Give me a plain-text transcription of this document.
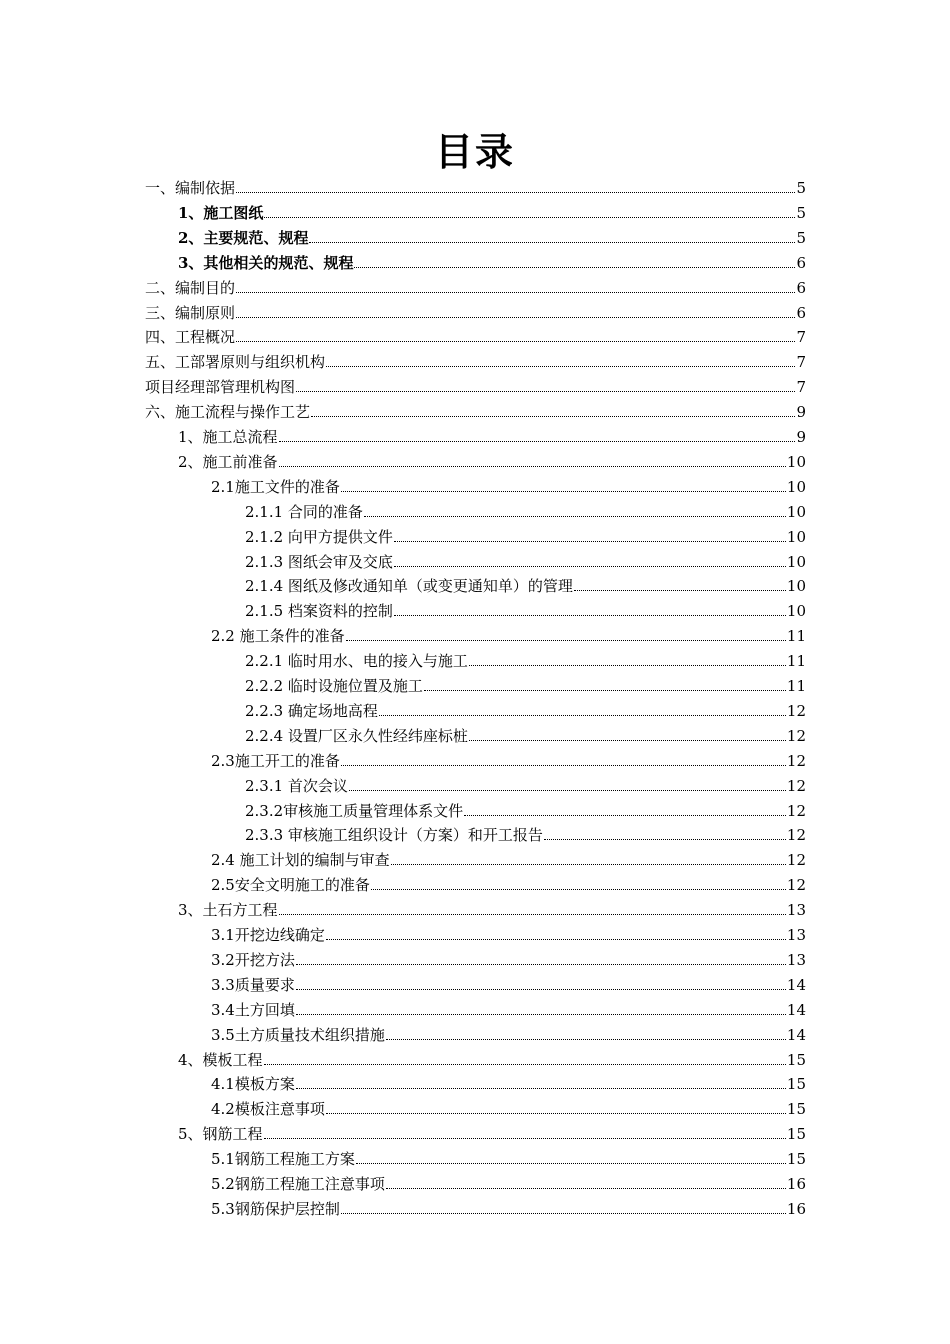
目录
一、编制依据	5
1、施工图纸	5
2、主要规范、规程	5
3、其他相关的规范、规程	6
二、编制目的	6
三、编制原则	6
四、工程概况	7
五、工部署原则与组织机构	7
项目经理部管理机构图	7
六、施工流程与操作工艺	9
1、施工总流程	9
2、施工前准备	10
2.1施工文件的准备	10
2.1.1 合同的准备	10
2.1.2 向甲方提供文件	10
2.1.3 图纸会审及交底	10
2.1.4 图纸及修改通知单（或变更通知单）的管理	10
2.1.5 档案资料的控制	10
2.2 施工条件的准备	11
2.2.1 临时用水、电的接入与施工	11
2.2.2 临时设施位置及施工	11
2.2.3 确定场地高程	12
2.2.4 设置厂区永久性经纬座标桩	12
2.3施工开工的准备	12
2.3.1 首次会议	12
2.3.2审核施工质量管理体系文件	12
2.3.3 审核施工组织设计（方案）和开工报告	12
2.4 施工计划的编制与审查	12
2.5安全文明施工的准备	12
3、土石方工程	13
3.1开挖边线确定	13
3.2开挖方法	13
3.3质量要求	14
3.4土方回填	14
3.5土方质量技术组织措施	14
4、模板工程	15
4.1模板方案	15
4.2模板注意事项	15
5、钢筋工程	15
5.1钢筋工程施工方案	15
5.2钢筋工程施工注意事项	16
5.3钢筋保护层控制	16
